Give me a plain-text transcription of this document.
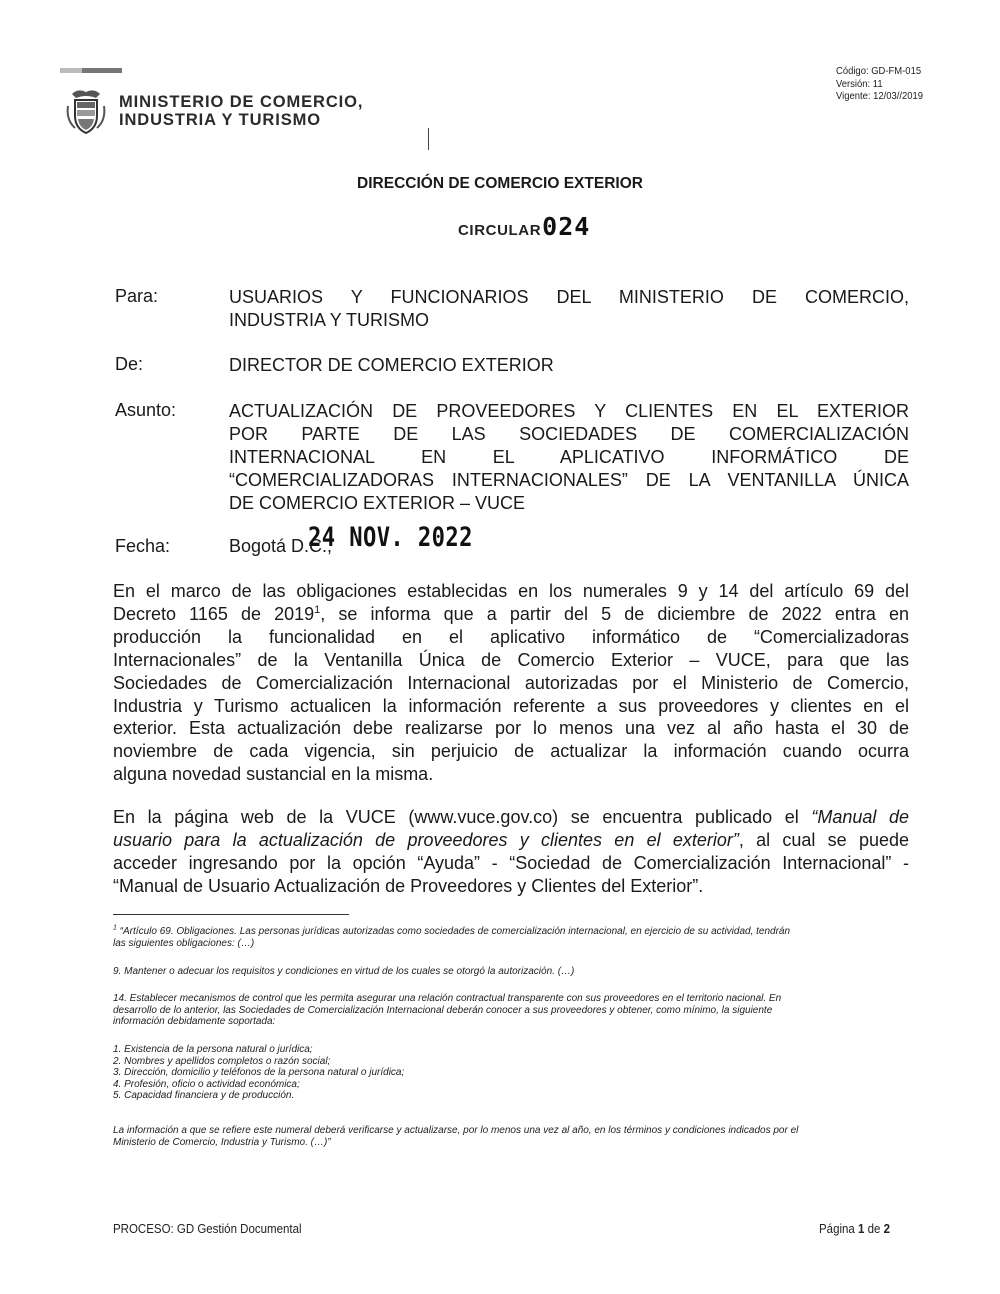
MINISTERIO DE COMERCIO,
INDUSTRIA Y TURISMO
Código: GD-FM-015
Versión: 11
Vigente: 12/03//2019
DIRECCIÓN DE COMERCIO EXTERIOR
CIRCULAR024
Para:	USUARIOS Y FUNCIONARIOS DEL MINISTERIO DE COMERCIO,
INDUSTRIA Y TURISMO
De:	DIRECTOR DE COMERCIO EXTERIOR
Asunto:	ACTUALIZACIÓN DE PROVEEDORES Y CLIENTES EN EL EXTERIOR
POR PARTE DE LAS SOCIEDADES DE COMERCIALIZACIÓN
INTERNACIONAL EN EL APLICATIVO INFORMÁTICO DE
“COMERCIALIZADORAS INTERNACIONALES” DE LA VENTANILLA ÚNICA
DE COMERCIO EXTERIOR – VUCE
Fecha:	Bogotá D.C.,
24 NOV. 2022
En el marco de las obligaciones establecidas en los numerales 9 y 14 del artículo 69 del
Decreto 1165 de 2019$^1$, se informa que a partir del 5 de diciembre de 2022 entra en
producción la funcionalidad en el aplicativo informático de “Comercializadoras
Internacionales” de la Ventanilla Única de Comercio Exterior – VUCE, para que las
Sociedades de Comercialización Internacional autorizadas por el Ministerio de Comercio,
Industria y Turismo actualicen la información referente a sus proveedores y clientes en el
exterior. Esta actualización debe realizarse por lo menos una vez al año hasta el 30 de
noviembre de cada vigencia, sin perjuicio de actualizar la información cuando ocurra
alguna novedad sustancial en la misma.
En la página web de la VUCE (www.vuce.gov.co) se encuentra publicado el “Manual de
usuario para la actualización de proveedores y clientes en el exterior”, al cual se puede
acceder ingresando por la opción “Ayuda” - “Sociedad de Comercialización Internacional” -
“Manual de Usuario Actualización de Proveedores y Clientes del Exterior”.
$^1$ “Artículo 69. Obligaciones. Las personas jurídicas autorizadas como sociedades de comercialización internacional, en ejercicio de su actividad, tendrán
las siguientes obligaciones: (…)
9. Mantener o adecuar los requisitos y condiciones en virtud de los cuales se otorgó la autorización. (…)
14. Establecer mecanismos de control que les permita asegurar una relación contractual transparente con sus proveedores en el territorio nacional. En
desarrollo de lo anterior, las Sociedades de Comercialización Internacional deberán conocer a sus proveedores y obtener, como mínimo, la siguiente
información debidamente soportada:
1. Existencia de la persona natural o jurídica;
2. Nombres y apellidos completos o razón social;
3. Dirección, domicilio y teléfonos de la persona natural o jurídica;
4. Profesión, oficio o actividad económica;
5. Capacidad financiera y de producción.
La información a que se refiere este numeral deberá verificarse y actualizarse, por lo menos una vez al año, en los términos y condiciones indicados por el
Ministerio de Comercio, Industria y Turismo. (…)”
PROCESO: GD Gestión Documental	Página 1 de 2
